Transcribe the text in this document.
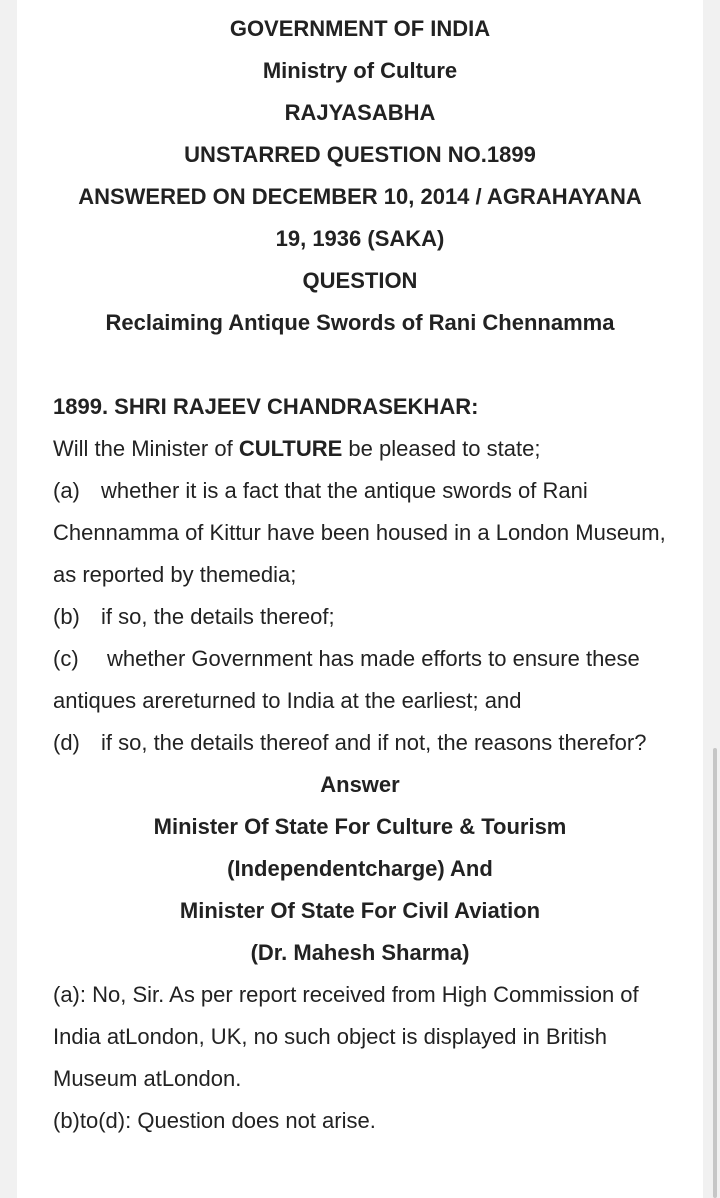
GOVERNMENT OF INDIA
Ministry of Culture
RAJYASABHA
UNSTARRED QUESTION NO.1899
ANSWERED ON DECEMBER 10, 2014 / AGRAHAYANA
19, 1936 (SAKA)
QUESTION
Reclaiming Antique Swords of Rani Chennamma
1899. SHRI RAJEEV CHANDRASEKHAR:

Will the Minister of CULTURE be pleased to state;

(a) whether it is a fact that the antique swords of Rani Chennamma of Kittur have been housed in a London Museum, as reported by themedia;

(b) if so, the details thereof;

(c) whether Government has made efforts to ensure these antiques arereturned to India at the earliest; and

(d) if so, the details thereof and if not, the reasons therefor?

Answer
Minister Of State For Culture & Tourism
(Independentcharge) And
Minister Of State For Civil Aviation
(Dr. Mahesh Sharma)

(a): No, Sir. As per report received from High Commission of India atLondon, UK, no such object is displayed in British Museum atLondon.

(b)to(d): Question does not arise.
